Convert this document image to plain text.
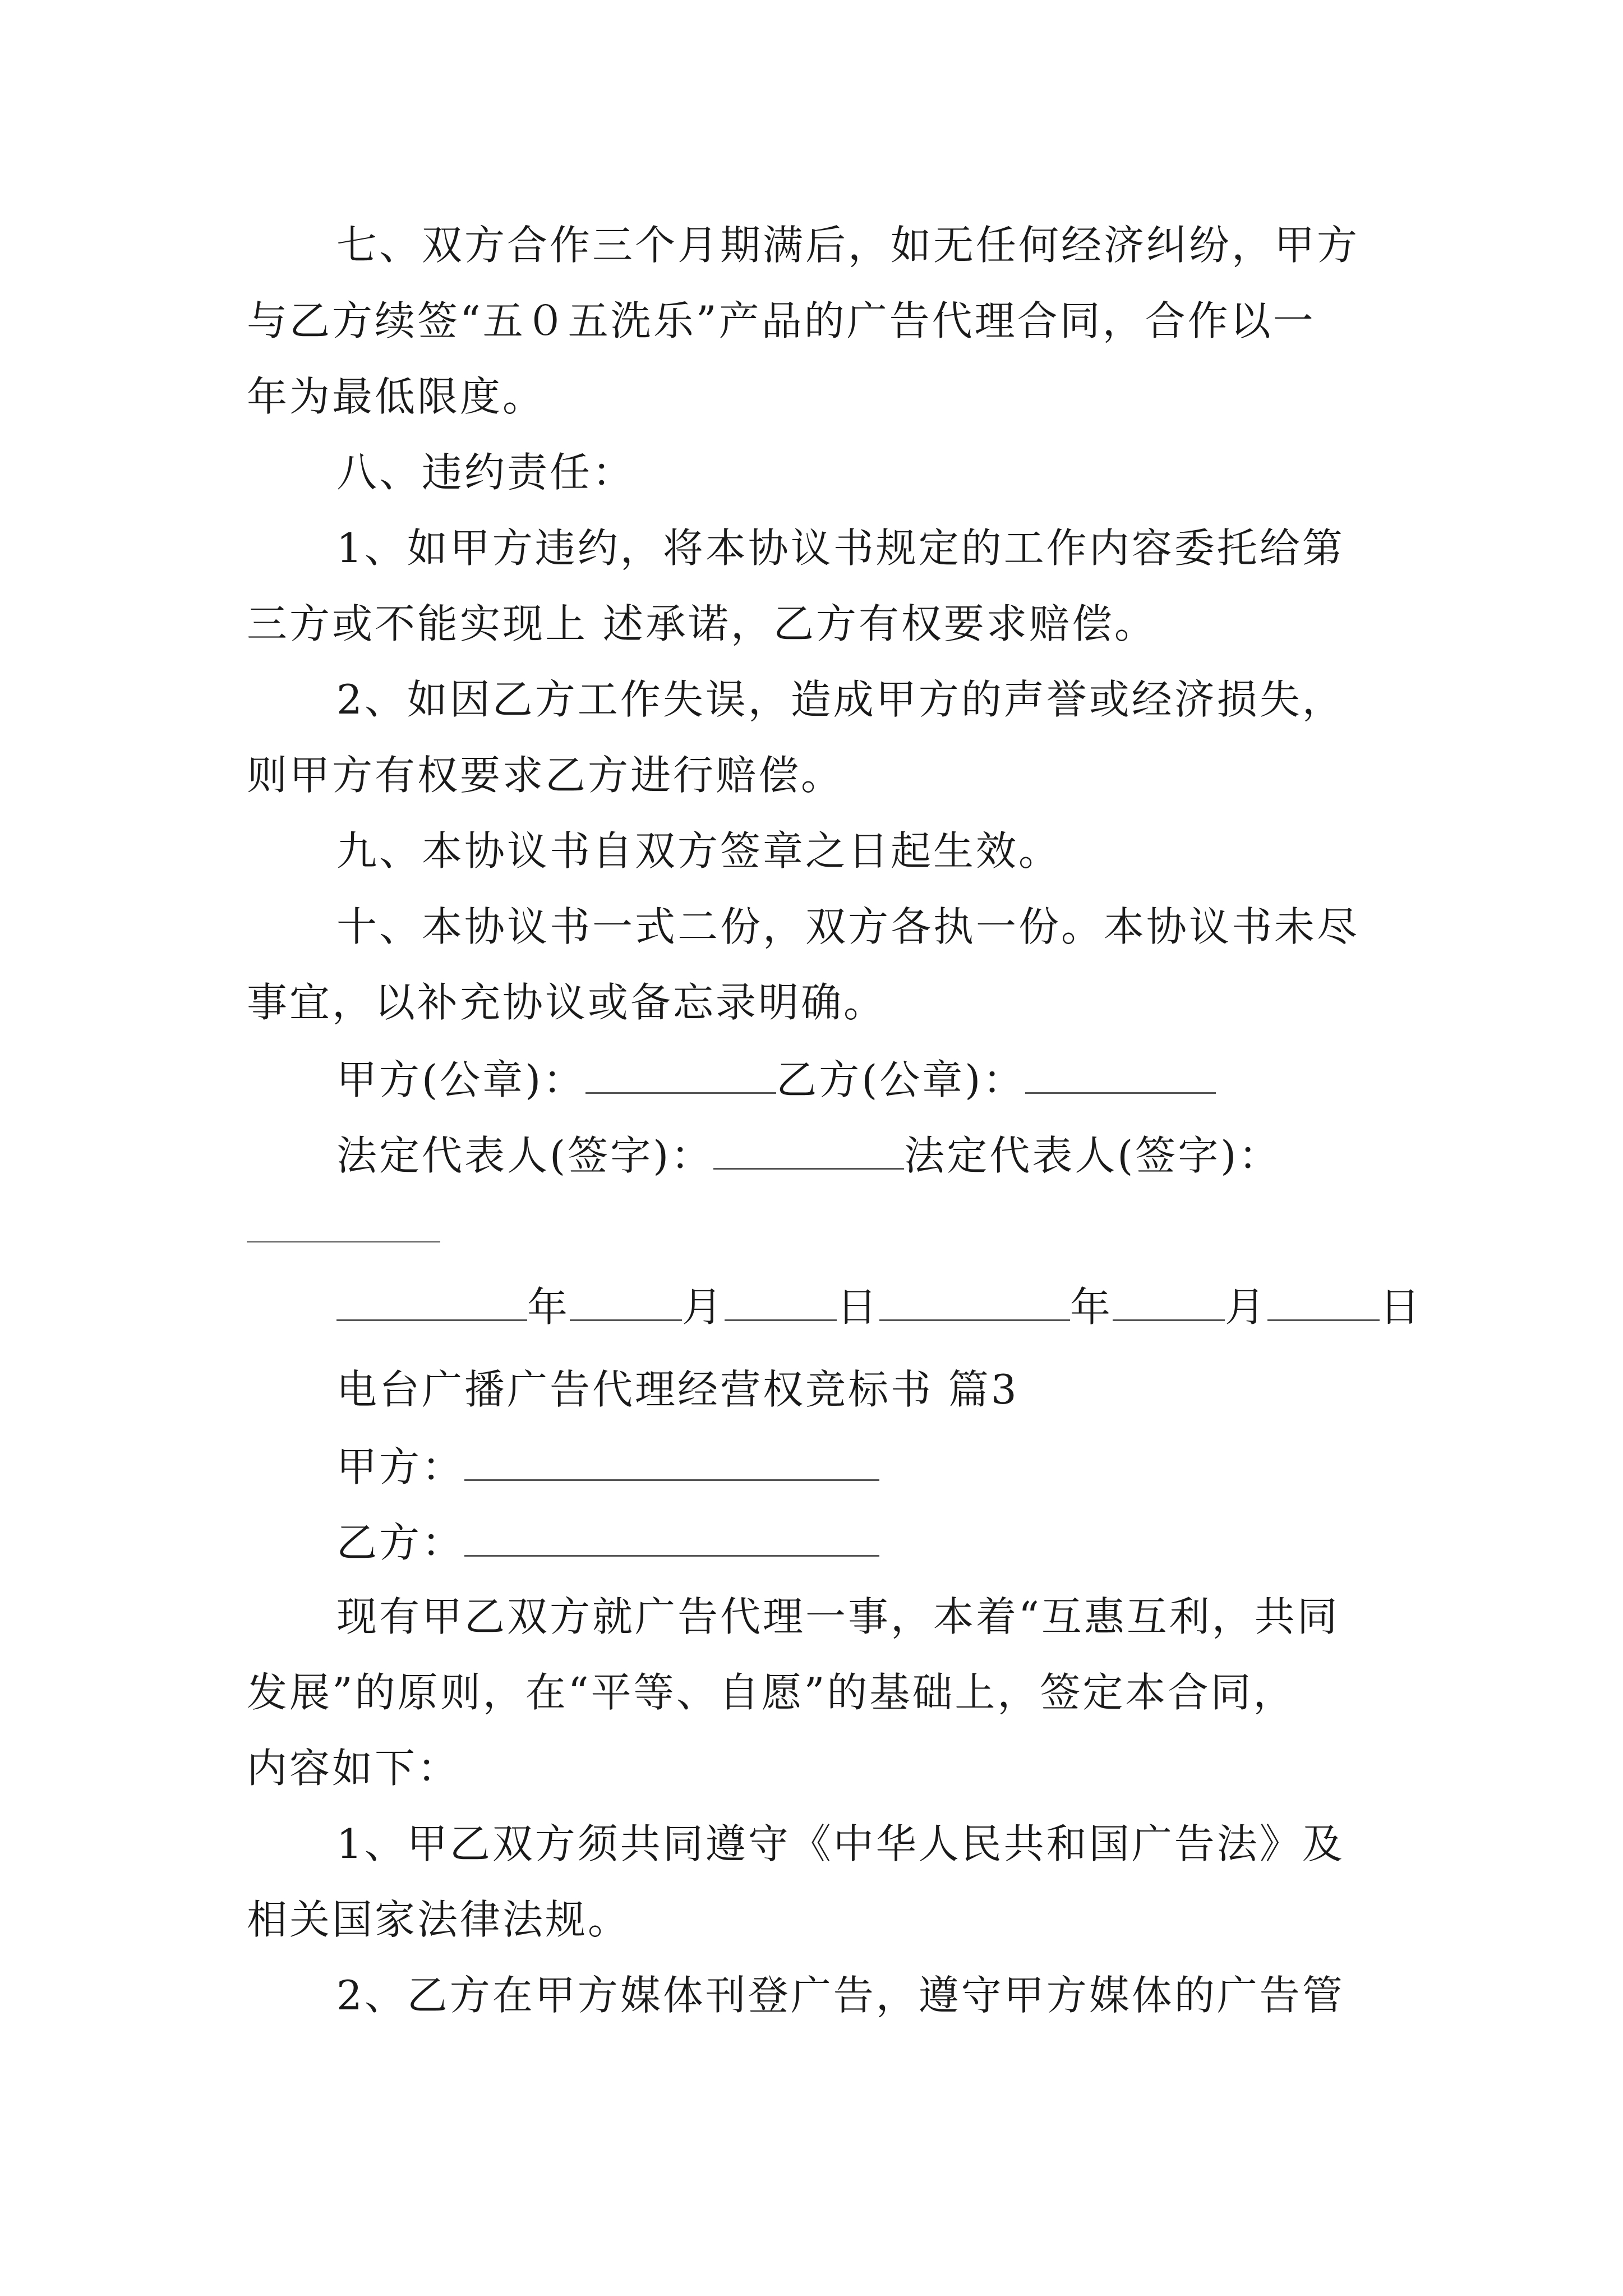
七、双方合作三个月期满后，如无任何经济纠纷，甲方
与乙方续签“五０五洗乐”产品的广告代理合同，合作以一
年为最低限度。
八、违约责任：
1、如甲方违约，将本协议书规定的工作内容委托给第
三方或不能实现上 述承诺，乙方有权要求赔偿。
2、如因乙方工作失误，造成甲方的声誉或经济损失，
则甲方有权要求乙方进行赔偿。
九、本协议书自双方签章之日起生效。
十、本协议书一式二份，双方各执一份。本协议书未尽
事宜，以补充协议或备忘录明确。
甲方(公章)：	乙方(公章)：
法定代表人(签字)：	法定代表人(签字)：
年	月	日	年	月	日
电台广播广告代理经营权竞标书 篇3
甲方：
乙方：
现有甲乙双方就广告代理一事，本着“互惠互利，共同
发展”的原则，在“平等、自愿”的基础上，签定本合同，
内容如下：
1、甲乙双方须共同遵守《中华人民共和国广告法》及
相关国家法律法规。
2、乙方在甲方媒体刊登广告，遵守甲方媒体的广告管
